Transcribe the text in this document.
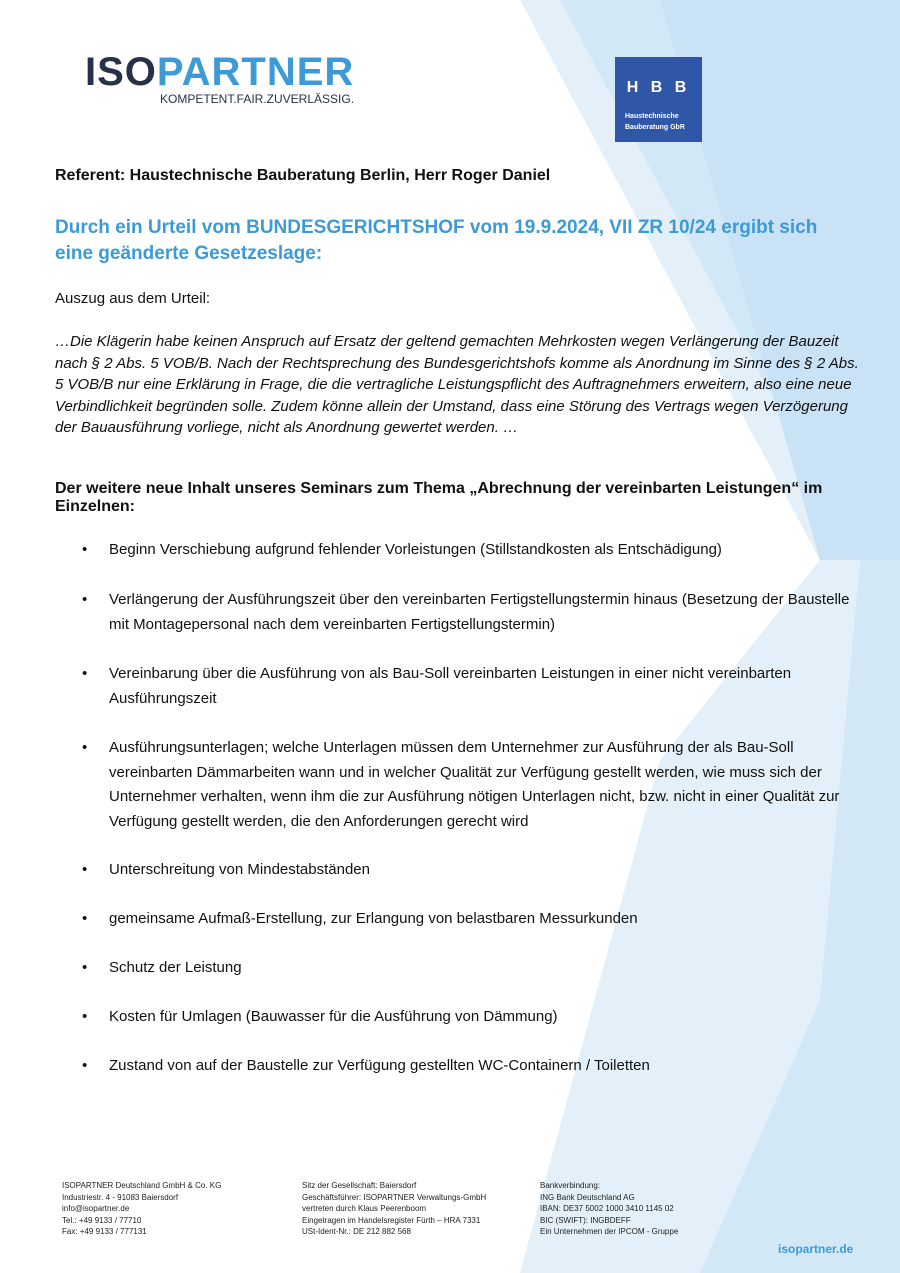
ISOPARTNER
KOMPETENT.FAIR.ZUVERLÄSSIG.
H B B
Haustechnische
Bauberatung GbR
Referent: Haustechnische Bauberatung Berlin, Herr Roger Daniel
Durch ein Urteil vom BUNDESGERICHTSHOF vom 19.9.2024, VII ZR 10/24 ergibt sich eine geänderte Gesetzeslage:
Auszug aus dem Urteil:
…Die Klägerin habe keinen Anspruch auf Ersatz der geltend gemachten Mehrkosten wegen Verlängerung der Bauzeit nach § 2 Abs. 5 VOB/B. Nach der Rechtsprechung des Bundesgerichtshofs komme als Anordnung im Sinne des § 2 Abs. 5 VOB/B nur eine Erklärung in Frage, die die vertragliche Leistungspflicht des Auftragnehmers erweitern, also eine neue Verbindlichkeit begründen solle. Zudem könne allein der Umstand, dass eine Störung des Vertrags wegen Verzögerung der Bauausführung vorliege, nicht als Anordnung gewertet werden. …
Der weitere neue Inhalt unseres Seminars zum Thema „Abrechnung der vereinbarten Leistungen“ im Einzelnen:
• Beginn Verschiebung aufgrund fehlender Vorleistungen (Stillstandkosten als Entschädigung)
• Verlängerung der Ausführungszeit über den vereinbarten Fertigstellungstermin hinaus (Besetzung der Baustelle mit Montagepersonal nach dem vereinbarten Fertigstellungstermin)
• Vereinbarung über die Ausführung von als Bau-Soll vereinbarten Leistungen in einer nicht vereinbarten Ausführungszeit
• Ausführungsunterlagen; welche Unterlagen müssen dem Unternehmer zur Ausführung der als Bau-Soll vereinbarten Dämmarbeiten wann und in welcher Qualität zur Verfügung gestellt werden, wie muss sich der Unternehmer verhalten, wenn ihm die zur Ausführung nötigen Unterlagen nicht, bzw. nicht in einer Qualität zur Verfügung gestellt werden, die den Anforderungen gerecht wird
• Unterschreitung von Mindestabständen
• gemeinsame Aufmaß-Erstellung, zur Erlangung von belastbaren Messurkunden
• Schutz der Leistung
• Kosten für Umlagen (Bauwasser für die Ausführung von Dämmung)
• Zustand von auf der Baustelle zur Verfügung gestellten WC-Containern / Toiletten
ISOPARTNER Deutschland GmbH & Co. KG
Industriestr. 4 - 91083 Baiersdorf
info@isopartner.de
Tel.: +49 9133 / 77710
Fax: +49 9133 / 777131
Sitz der Gesellschaft: Baiersdorf
Geschäftsführer: ISOPARTNER Verwaltungs-GmbH
vertreten durch Klaus Peerenboom
Eingetragen im Handelsregister Fürth – HRA 7331
USt-Ident-Nr.: DE 212 882 568
Bankverbindung:
ING Bank Deutschland AG
IBAN: DE37 5002 1000 3410 1145 02
BIC (SWIFT): INGBDEFF
Ein Unternehmen der IPCOM - Gruppe
isopartner.de
